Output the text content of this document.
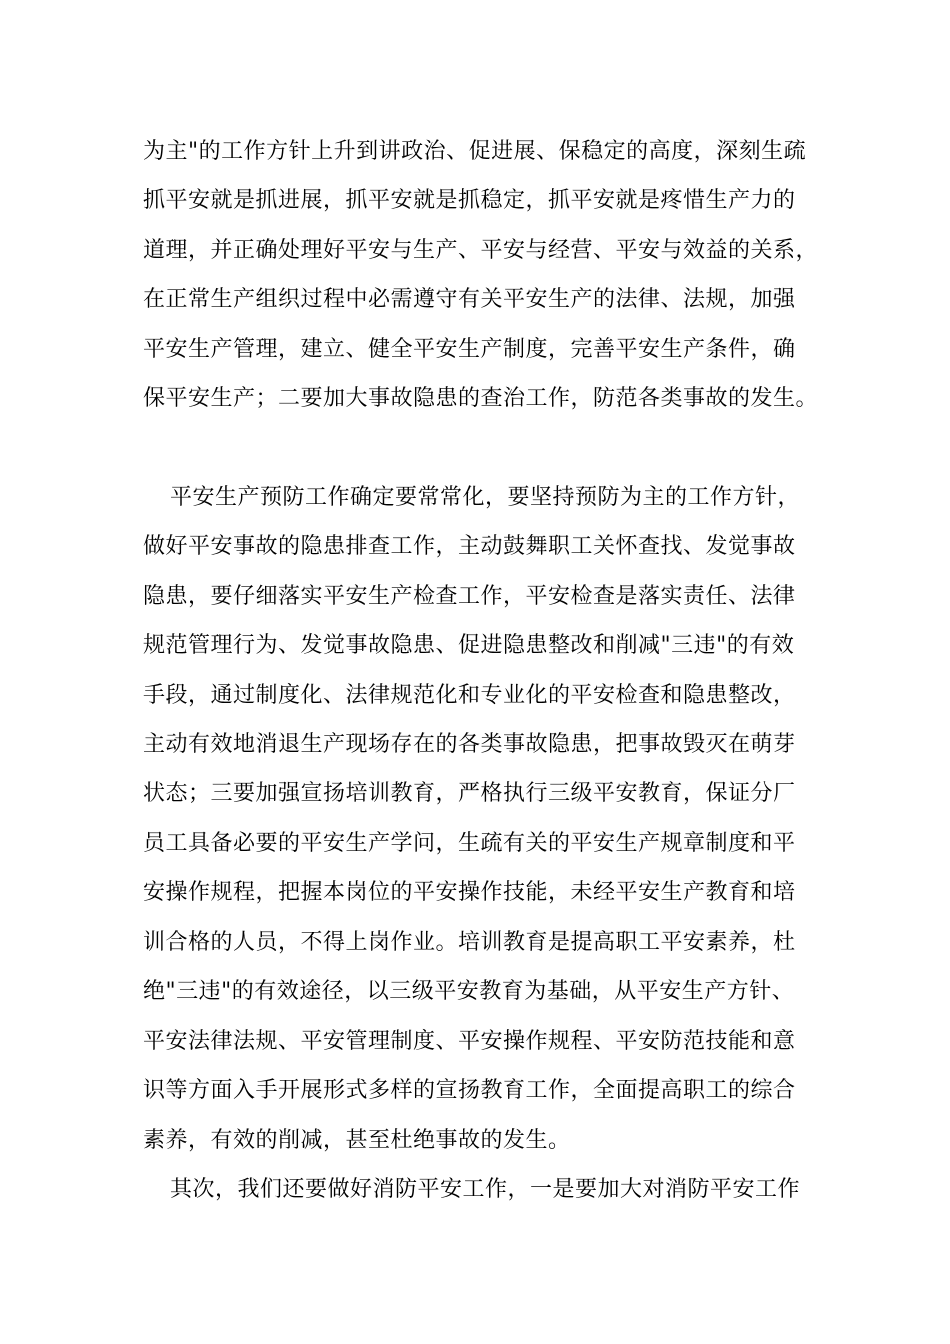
为主"的工作方针上升到讲政治、促进展、保稳定的高度，深刻生疏

抓平安就是抓进展，抓平安就是抓稳定，抓平安就是疼惜生产力的

道理，并正确处理好平安与生产、平安与经营、平安与效益的关系，

在正常生产组织过程中必需遵守有关平安生产的法律、法规，加强

平安生产管理，建立、健全平安生产制度，完善平安生产条件，确

保平安生产；二要加大事故隐患的查治工作，防范各类事故的发生。

平安生产预防工作确定要常常化，要坚持预防为主的工作方针，

做好平安事故的隐患排查工作，主动鼓舞职工关怀查找、发觉事故

隐患，要仔细落实平安生产检查工作，平安检查是落实责任、法律

规范管理行为、发觉事故隐患、促进隐患整改和削减"三违"的有效

手段，通过制度化、法律规范化和专业化的平安检查和隐患整改，

主动有效地消退生产现场存在的各类事故隐患，把事故毁灭在萌芽

状态；三要加强宣扬培训教育，严格执行三级平安教育，保证分厂

员工具备必要的平安生产学问，生疏有关的平安生产规章制度和平

安操作规程，把握本岗位的平安操作技能，未经平安生产教育和培

训合格的人员，不得上岗作业。培训教育是提高职工平安素养，杜

绝"三违"的有效途径，以三级平安教育为基础，从平安生产方针、

平安法律法规、平安管理制度、平安操作规程、平安防范技能和意

识等方面入手开展形式多样的宣扬教育工作，全面提高职工的综合

素养，有效的削减，甚至杜绝事故的发生。

其次，我们还要做好消防平安工作，一是要加大对消防平安工作
